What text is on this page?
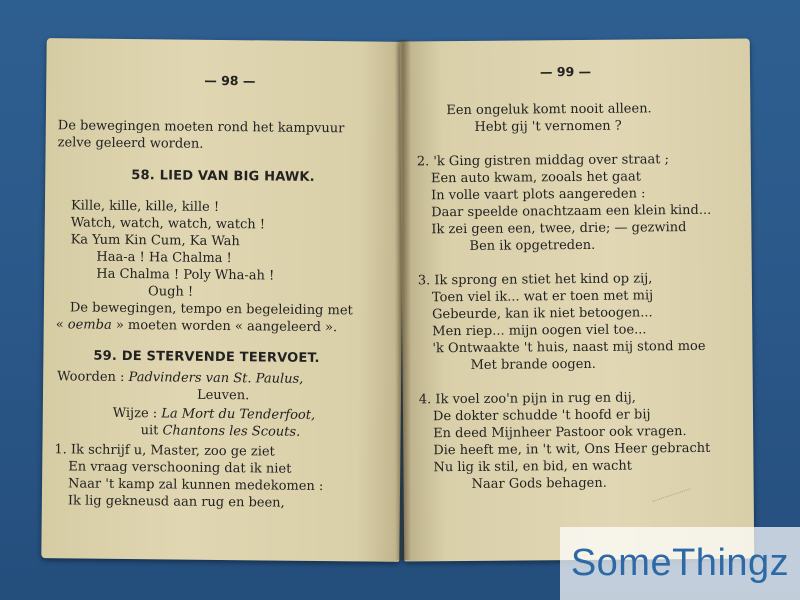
— 98 —
De bewegingen moeten rond het kampvuur
zelve geleerd worden.
58. LIED VAN BIG HAWK.
Kille, kille, kille, kille !
Watch, watch, watch, watch !
Ka Yum Kin Cum, Ka Wah
Haa-a ! Ha Chalma !
Ha Chalma ! Poly Wha-ah !
Ough !
De bewegingen, tempo en begeleiding met
« oemba » moeten worden « aangeleerd ».
59. DE STERVENDE TEERVOET.
Woorden : Padvinders van St. Paulus,
Leuven.
Wijze : La Mort du Tenderfoot,
uit Chantons les Scouts.
1. Ik schrijf u, Master, zoo ge ziet
En vraag verschooning dat ik niet
Naar 't kamp zal kunnen medekomen :
Ik lig gekneusd aan rug en been,
— 99 —
Een ongeluk komt nooit alleen.
Hebt gij 't vernomen ?
2. 'k Ging gistren middag over straat ;
Een auto kwam, zooals het gaat
In volle vaart plots aangereden :
Daar speelde onachtzaam een klein kind...
Ik zei geen een, twee, drie; — gezwind
Ben ik opgetreden.
3. Ik sprong en stiet het kind op zij,
Toen viel ik... wat er toen met mij
Gebeurde, kan ik niet betoogen...
Men riep... mijn oogen viel toe...
'k Ontwaakte 't huis, naast mij stond moe
Met brande oogen.
4. Ik voel zoo'n pijn in rug en dij,
De dokter schudde 't hoofd er bij
En deed Mijnheer Pastoor ook vragen.
Die heeft me, in 't wit, Ons Heer gebracht
Nu lig ik stil, en bid, en wacht
Naar Gods behagen.
SomeThingz
